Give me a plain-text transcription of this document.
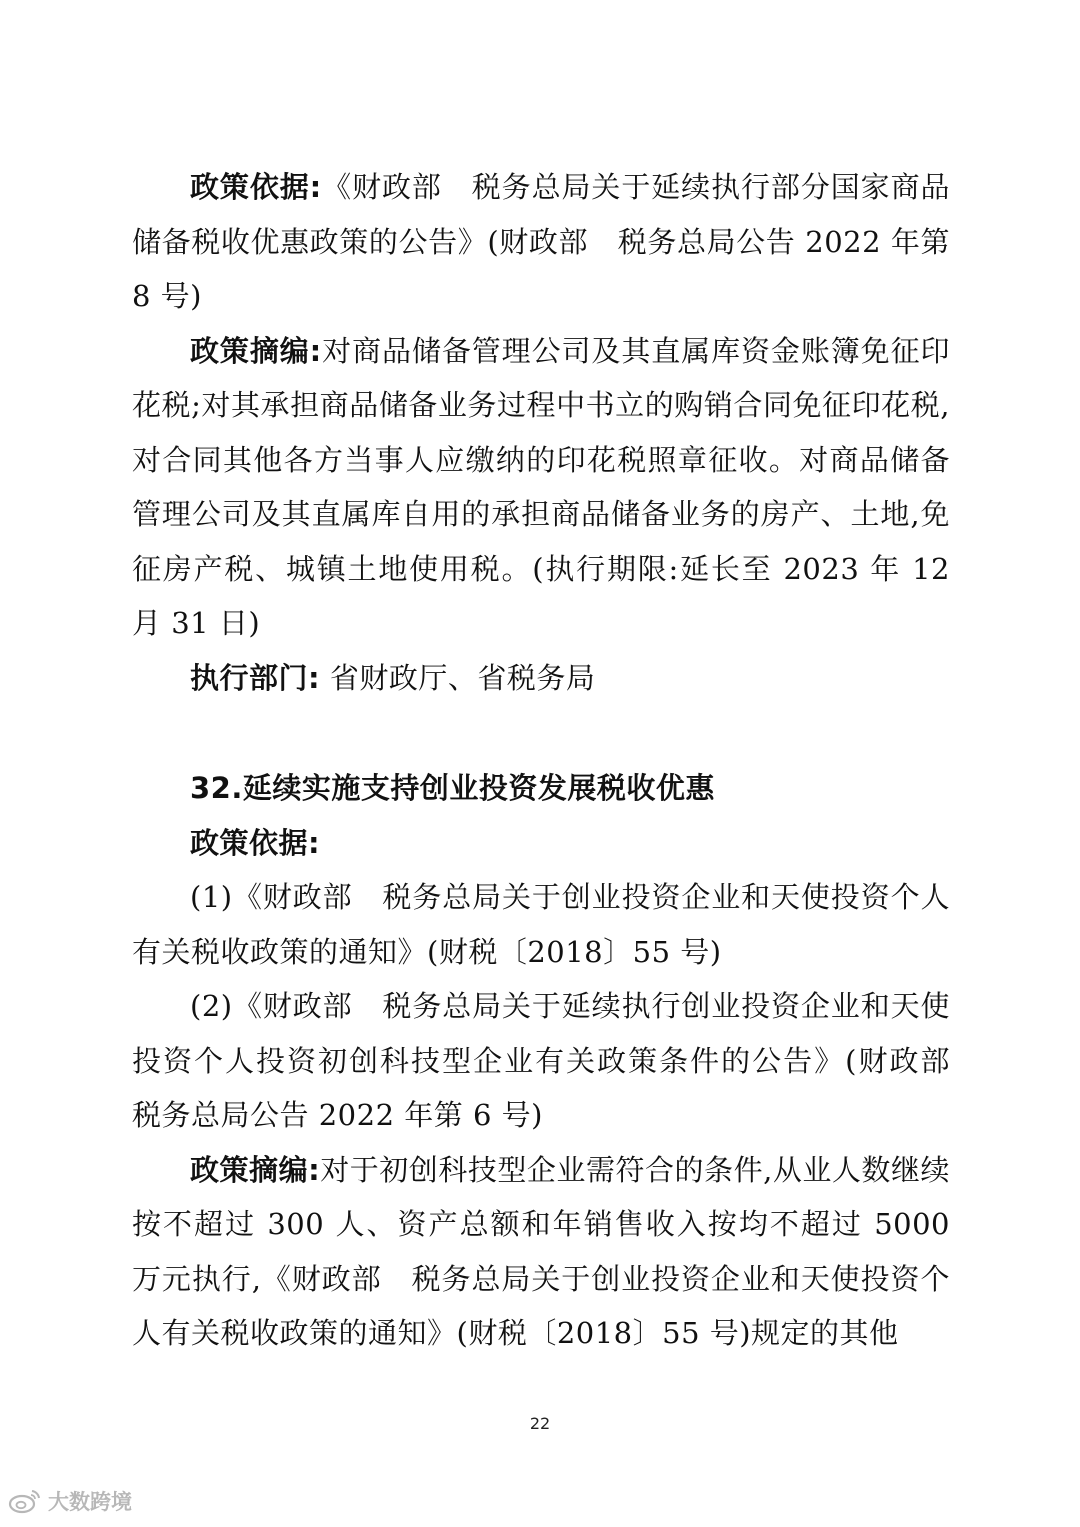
政策依据:《财政部　税务总局关于延续执行部分国家商品储备税收优惠政策的公告》(财政部　税务总局公告 2022 年第 8 号)

政策摘编:对商品储备管理公司及其直属库资金账簿免征印花税;对其承担商品储备业务过程中书立的购销合同免征印花税,对合同其他各方当事人应缴纳的印花税照章征收。对商品储备管理公司及其直属库自用的承担商品储备业务的房产、土地,免征房产税、城镇土地使用税。(执行期限:延长至 2023 年 12 月 31 日)

执行部门: 省财政厅、省税务局

32.延续实施支持创业投资发展税收优惠

政策依据:

(1)《财政部　税务总局关于创业投资企业和天使投资个人有关税收政策的通知》(财税〔2018〕55 号)

(2)《财政部　税务总局关于延续执行创业投资企业和天使投资个人投资初创科技型企业有关政策条件的公告》(财政部　税务总局公告 2022 年第 6 号)

政策摘编:对于初创科技型企业需符合的条件,从业人数继续按不超过 300 人、资产总额和年销售收入按均不超过 5000 万元执行,《财政部　税务总局关于创业投资企业和天使投资个人有关税收政策的通知》(财税〔2018〕55 号)规定的其他

22
大数跨境
